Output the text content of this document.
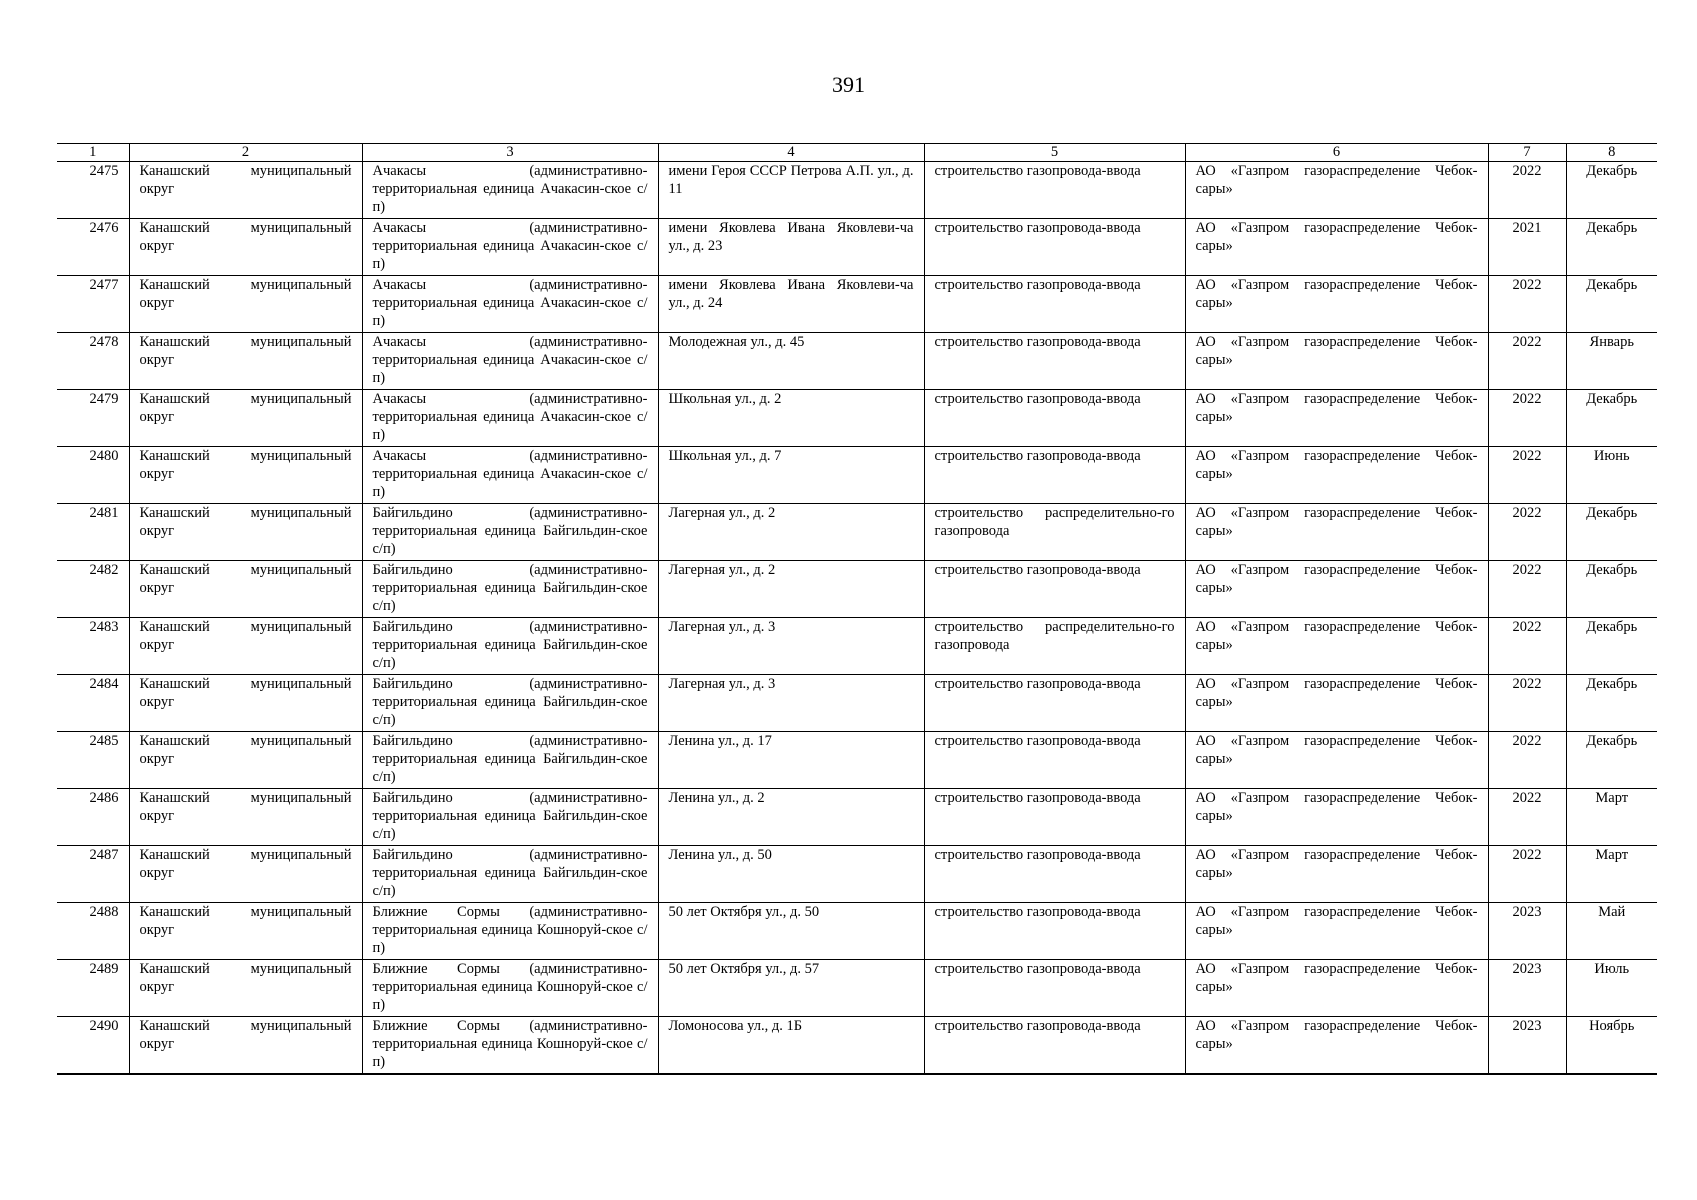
391
1	2	3	4	5	6	7	8
2475	Канашский муниципальный округ	Ачакасы (административно-территориальная единица Ачакасин-ское с/п)	имени Героя СССР Петрова А.П. ул., д. 11	строительство газопровода-ввода	АО «Газпром газораспределение Чебок-сары»	2022	Декабрь
2476	Канашский муниципальный округ	Ачакасы (административно-территориальная единица Ачакасин-ское с/п)	имени Яковлева Ивана Яковлеви-ча ул., д. 23	строительство газопровода-ввода	АО «Газпром газораспределение Чебок-сары»	2021	Декабрь
2477	Канашский муниципальный округ	Ачакасы (административно-территориальная единица Ачакасин-ское с/п)	имени Яковлева Ивана Яковлеви-ча ул., д. 24	строительство газопровода-ввода	АО «Газпром газораспределение Чебок-сары»	2022	Декабрь
2478	Канашский муниципальный округ	Ачакасы (административно-территориальная единица Ачакасин-ское с/п)	Молодежная ул., д. 45	строительство газопровода-ввода	АО «Газпром газораспределение Чебок-сары»	2022	Январь
2479	Канашский муниципальный округ	Ачакасы (административно-территориальная единица Ачакасин-ское с/п)	Школьная ул., д. 2	строительство газопровода-ввода	АО «Газпром газораспределение Чебок-сары»	2022	Декабрь
2480	Канашский муниципальный округ	Ачакасы (административно-территориальная единица Ачакасин-ское с/п)	Школьная ул., д. 7	строительство газопровода-ввода	АО «Газпром газораспределение Чебок-сары»	2022	Июнь
2481	Канашский муниципальный округ	Байгильдино (административно-территориальная единица Байгильдин-ское с/п)	Лагерная ул., д. 2	строительство распределительно-го газопровода	АО «Газпром газораспределение Чебок-сары»	2022	Декабрь
2482	Канашский муниципальный округ	Байгильдино (административно-территориальная единица Байгильдин-ское с/п)	Лагерная ул., д. 2	строительство газопровода-ввода	АО «Газпром газораспределение Чебок-сары»	2022	Декабрь
2483	Канашский муниципальный округ	Байгильдино (административно-территориальная единица Байгильдин-ское с/п)	Лагерная ул., д. 3	строительство распределительно-го газопровода	АО «Газпром газораспределение Чебок-сары»	2022	Декабрь
2484	Канашский муниципальный округ	Байгильдино (административно-территориальная единица Байгильдин-ское с/п)	Лагерная ул., д. 3	строительство газопровода-ввода	АО «Газпром газораспределение Чебок-сары»	2022	Декабрь
2485	Канашский муниципальный округ	Байгильдино (административно-территориальная единица Байгильдин-ское с/п)	Ленина ул., д. 17	строительство газопровода-ввода	АО «Газпром газораспределение Чебок-сары»	2022	Декабрь
2486	Канашский муниципальный округ	Байгильдино (административно-территориальная единица Байгильдин-ское с/п)	Ленина ул., д. 2	строительство газопровода-ввода	АО «Газпром газораспределение Чебок-сары»	2022	Март
2487	Канашский муниципальный округ	Байгильдино (административно-территориальная единица Байгильдин-ское с/п)	Ленина ул., д. 50	строительство газопровода-ввода	АО «Газпром газораспределение Чебок-сары»	2022	Март
2488	Канашский муниципальный округ	Ближние Сормы (административно-территориальная единица Кошноруй-ское с/п)	50 лет Октября ул., д. 50	строительство газопровода-ввода	АО «Газпром газораспределение Чебок-сары»	2023	Май
2489	Канашский муниципальный округ	Ближние Сормы (административно-территориальная единица Кошноруй-ское с/п)	50 лет Октября ул., д. 57	строительство газопровода-ввода	АО «Газпром газораспределение Чебок-сары»	2023	Июль
2490	Канашский муниципальный округ	Ближние Сормы (административно-территориальная единица Кошноруй-ское с/п)	Ломоносова ул., д. 1Б	строительство газопровода-ввода	АО «Газпром газораспределение Чебок-сары»	2023	Ноябрь
